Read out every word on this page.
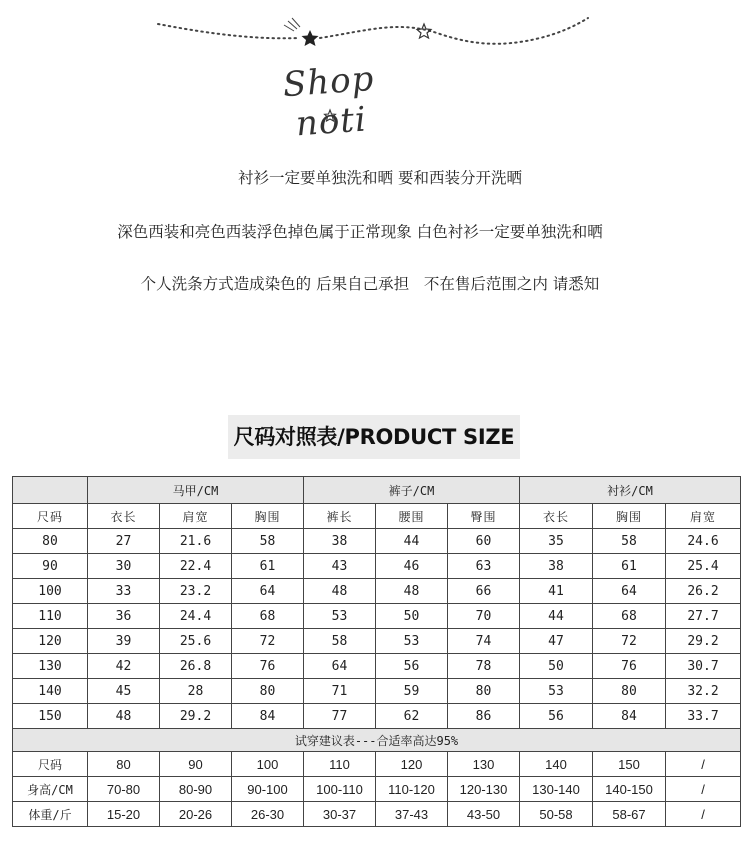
Shop noti
衬衫一定要单独洗和晒 要和西装分开洗晒
深色西装和亮色西装浮色掉色属于正常现象 白色衬衫一定要单独洗和晒
个人洗条方式造成染色的 后果自己承担   不在售后范围之内 请悉知
尺码对照表/PRODUCT SIZE
	马甲/CM			裤子/CM			衬衫/CM		
尺码	衣长	肩宽	胸围	裤长	腰围	臀围	衣长	胸围	肩宽
80	27	21.6	58	38	44	60	35	58	24.6
90	30	22.4	61	43	46	63	38	61	25.4
100	33	23.2	64	48	48	66	41	64	26.2
110	36	24.4	68	53	50	70	44	68	27.7
120	39	25.6	72	58	53	74	47	72	29.2
130	42	26.8	76	64	56	78	50	76	30.7
140	45	28	80	71	59	80	53	80	32.2
150	48	29.2	84	77	62	86	56	84	33.7
试穿建议表---合适率高达95%									
尺码	80	90	100	110	120	130	140	150	/
身高/CM	70-80	80-90	90-100	100-110	110-120	120-130	130-140	140-150	/
体重/斤	15-20	20-26	26-30	30-37	37-43	43-50	50-58	58-67	/
